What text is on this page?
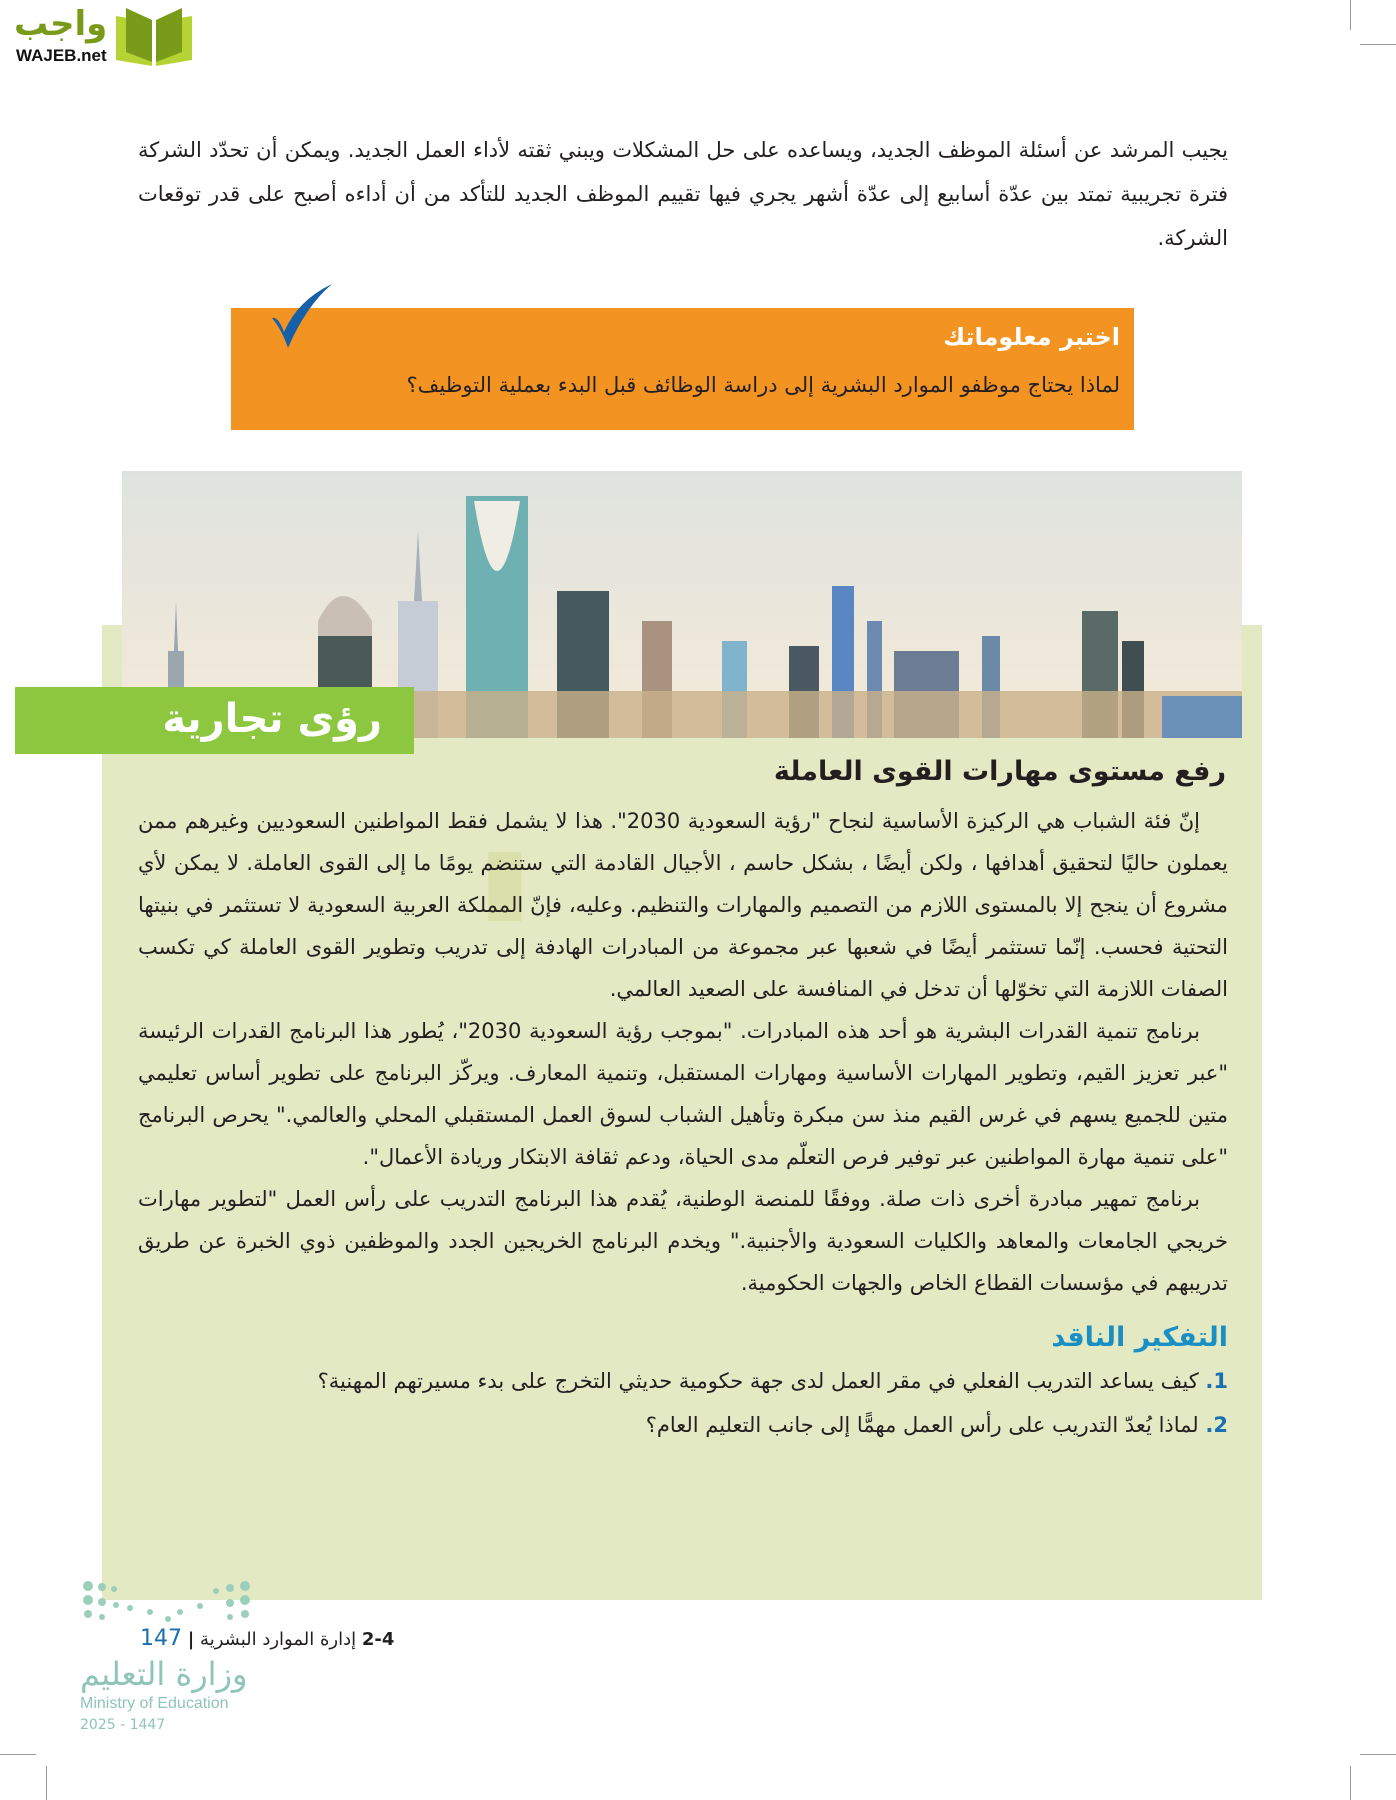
واجب
WAJEB.net

يجيب المرشد عن أسئلة الموظف الجديد، ويساعده على حل المشكلات ويبني ثقته لأداء العمل الجديد. ويمكن أن تحدّد الشركة فترة تجريبية تمتد بين عدّة أسابيع إلى عدّة أشهر يجري فيها تقييم الموظف الجديد للتأكد من أن أداءه أصبح على قدر توقعات الشركة.

اختبر معلوماتك
لماذا يحتاج موظفو الموارد البشرية إلى دراسة الوظائف قبل البدء بعملية التوظيف؟
رؤى تجارية
▮
رفع مستوى مهارات القوى العاملة

إنّ فئة الشباب هي الركيزة الأساسية لنجاح "رؤية السعودية 2030". هذا لا يشمل فقط المواطنين السعوديين وغيرهم ممن يعملون حاليًا لتحقيق أهدافها ، ولكن أيضًا ، بشكل حاسم ، الأجيال القادمة التي ستنضم يومًا ما إلى القوى العاملة. لا يمكن لأي مشروع أن ينجح إلا بالمستوى اللازم من التصميم والمهارات والتنظيم. وعليه، فإنّ المملكة العربية السعودية لا تستثمر في بنيتها التحتية فحسب. إنّما تستثمر أيضًا في شعبها عبر مجموعة من المبادرات الهادفة إلى تدريب وتطوير القوى العاملة كي تكسب الصفات اللازمة التي تخوّلها أن تدخل في المنافسة على الصعيد العالمي.

برنامج تنمية القدرات البشرية هو أحد هذه المبادرات. "بموجب رؤية السعودية 2030"، يُطور هذا البرنامج القدرات الرئيسة "عبر تعزيز القيم، وتطوير المهارات الأساسية ومهارات المستقبل، وتنمية المعارف. ويركّز البرنامج على تطوير أساس تعليمي متين للجميع يسهم في غرس القيم منذ سن مبكرة وتأهيل الشباب لسوق العمل المستقبلي المحلي والعالمي." يحرص البرنامج "على تنمية مهارة المواطنين عبر توفير فرص التعلّم مدى الحياة، ودعم ثقافة الابتكار وريادة الأعمال".

برنامج تمهير مبادرة أخرى ذات صلة. ووفقًا للمنصة الوطنية، يُقدم هذا البرنامج التدريب على رأس العمل "لتطوير مهارات خريجي الجامعات والمعاهد والكليات السعودية والأجنبية." ويخدم البرنامج الخريجين الجدد والموظفين ذوي الخبرة عن طريق تدريبهم في مؤسسات القطاع الخاص والجهات الحكومية.

التفكير الناقد
1. كيف يساعد التدريب الفعلي في مقر العمل لدى جهة حكومية حديثي التخرج على بدء مسيرتهم المهنية؟
2. لماذا يُعدّ التدريب على رأس العمل مهمًّا إلى جانب التعليم العام؟
وزارة التعليم
Ministry of Education
2025 - 1447
2-4 إدارة الموارد البشرية | 147
